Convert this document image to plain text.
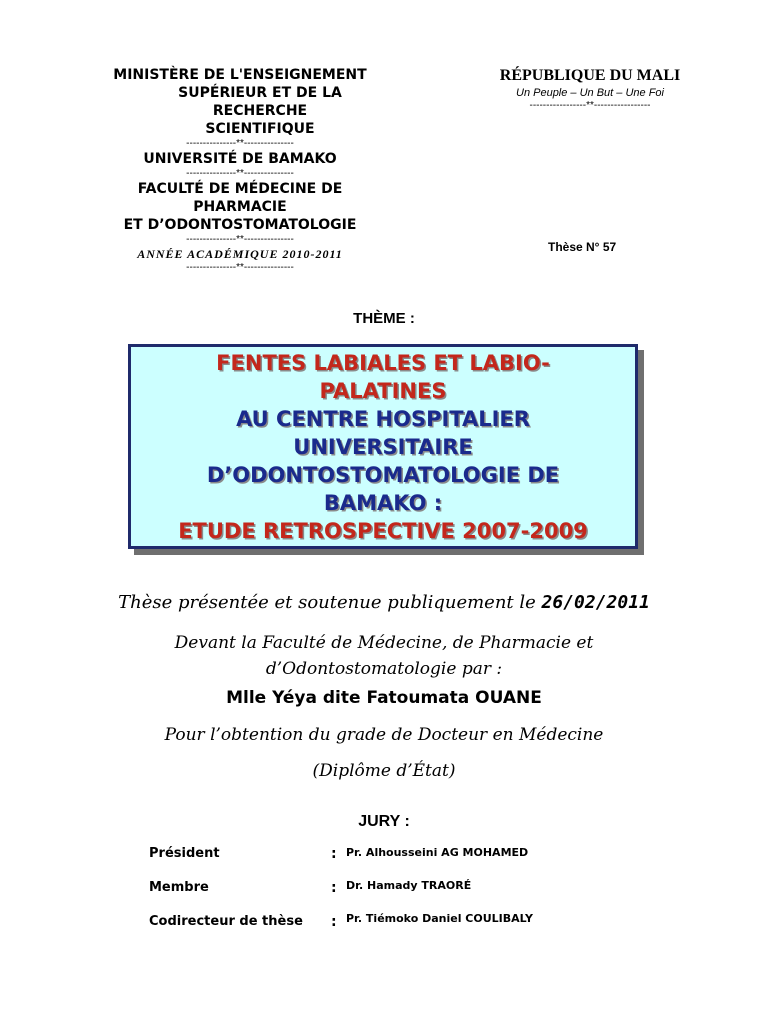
MINISTÈRE DE L'ENSEIGNEMENT
SUPÉRIEUR ET DE LA
RECHERCHE
SCIENTIFIQUE
---------------**---------------
UNIVERSITÉ DE BAMAKO
---------------**---------------
FACULTÉ DE MÉDECINE DE
PHARMACIE
ET D’ODONTOSTOMATOLOGIE
---------------**---------------
ANNÉE ACADÉMIQUE 2010-2011
---------------**---------------
RÉPUBLIQUE DU MALI
Un Peuple – Un But – Une Foi
-----------------**-----------------
Thèse N° 57
THÈME :
FENTES LABIALES ET LABIO-
PALATINES
AU CENTRE HOSPITALIER
UNIVERSITAIRE
D’ODONTOSTOMATOLOGIE DE
BAMAKO :
ETUDE RETROSPECTIVE 2007-2009
Thèse présentée et soutenue publiquement le 26/02/2011
Devant la Faculté de Médecine, de Pharmacie et
d’Odontostomatologie par :
Mlle Yéya dite Fatoumata OUANE
Pour l’obtention du grade de Docteur en Médecine
(Diplôme d’État)
JURY :
Président	: Pr. Alhousseini AG MOHAMED
Membre	: Dr. Hamady TRAORÉ
Codirecteur de thèse : Pr. Tiémoko Daniel COULIBALY
